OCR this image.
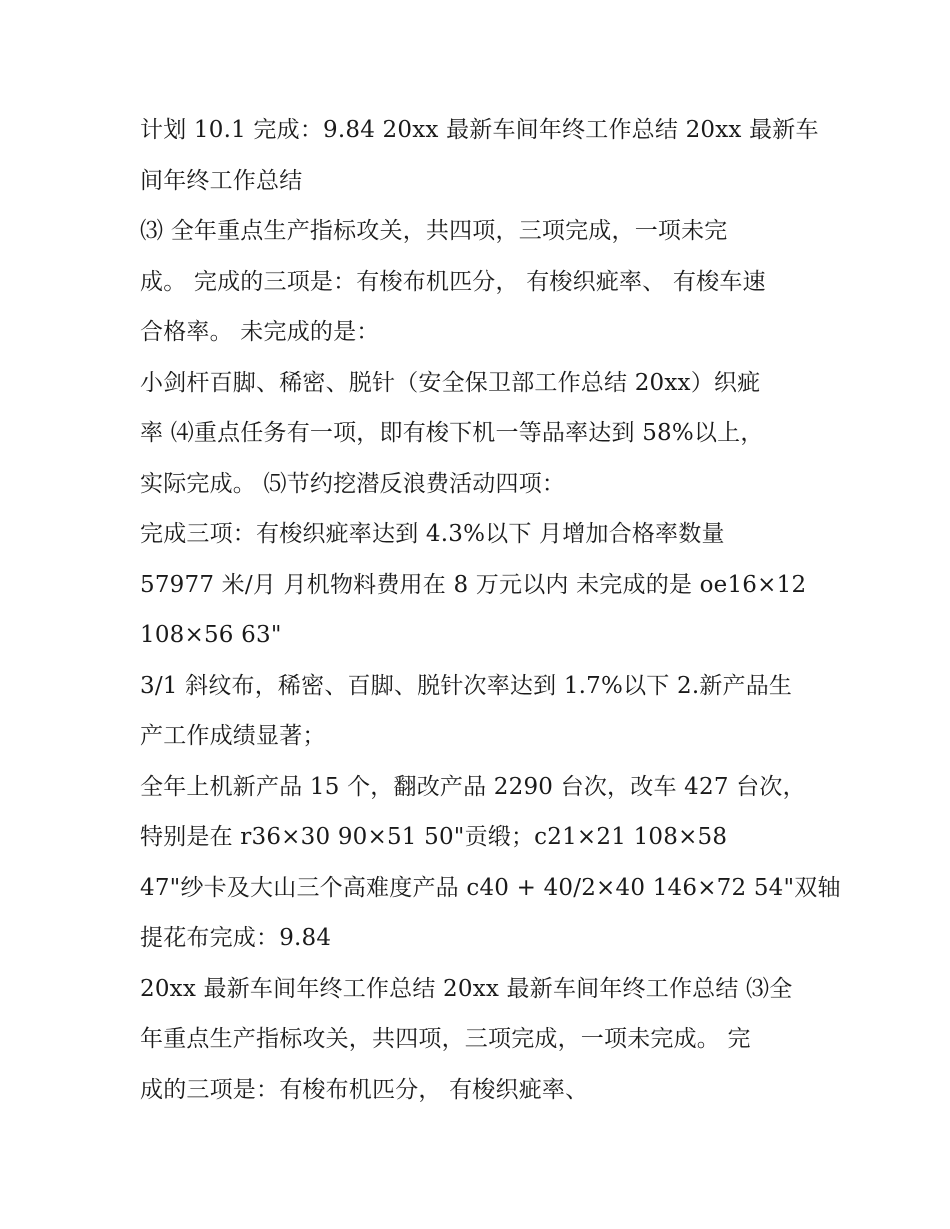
计划 10.1 完成：9.84 20xx 最新车间年终工作总结 20xx 最新车
间年终工作总结
⑶ 全年重点生产指标攻关，共四项，三项完成，一项未完
成。 完成的三项是：有梭布机匹分， 有梭织疵率、 有梭车速
合格率。 未完成的是：
小剑杆百脚、稀密、脱针（安全保卫部工作总结 20xx）织疵
率 ⑷重点任务有一项，即有梭下机一等品率达到 58%以上，
实际完成。 ⑸节约挖潜反浪费活动四项：
完成三项：有梭织疵率达到 4.3%以下 月增加合格率数量
57977 米/月 月机物料费用在 8 万元以内 未完成的是 oe16×12
108×56 63"
3/1 斜纹布，稀密、百脚、脱针次率达到 1.7%以下 2.新产品生
产工作成绩显著；
全年上机新产品 15 个，翻改产品 2290 台次，改车 427 台次，
特别是在 r36×30 90×51 50"贡缎；c21×21 108×58
47"纱卡及大山三个高难度产品 c40 + 40/2×40 146×72 54"双轴
提花布完成：9.84
20xx 最新车间年终工作总结 20xx 最新车间年终工作总结 ⑶全
年重点生产指标攻关，共四项，三项完成，一项未完成。 完
成的三项是：有梭布机匹分， 有梭织疵率、
